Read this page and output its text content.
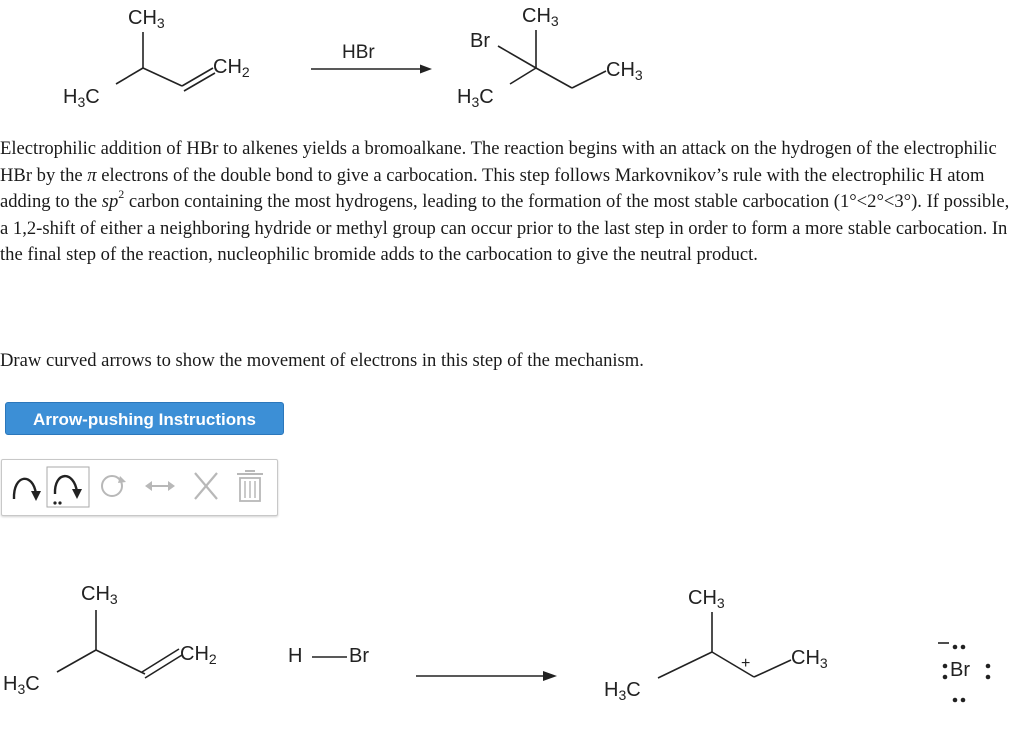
$CH_3$
$H_3C$
$CH_2$
HBr
Br
$CH_3$
$H_3C$
$CH_3$

Electrophilic addition of HBr to alkenes yields a bromoalkane. The reaction begins with an attack on the hydrogen of the electrophilic HBr by the π electrons of the double bond to give a carbocation. This step follows Markovnikov’s rule with the electrophilic H atom adding to the $sp^2$ carbon containing the most hydrogens, leading to the formation of the most stable carbocation (1°<2°<3°). If possible, a 1,2-shift of either a neighboring hydride or methyl group can occur prior to the last step in order to form a more stable carbocation. In the final step of the reaction, nucleophilic bromide adds to the carbocation to give the neutral product.

Draw curved arrows to show the movement of electrons in this step of the mechanism.

Arrow-pushing Instructions
$CH_3$
$H_3C$
$CH_2$	H Br
$CH_3$
$H_3C$
+ $CH_3$	Br
